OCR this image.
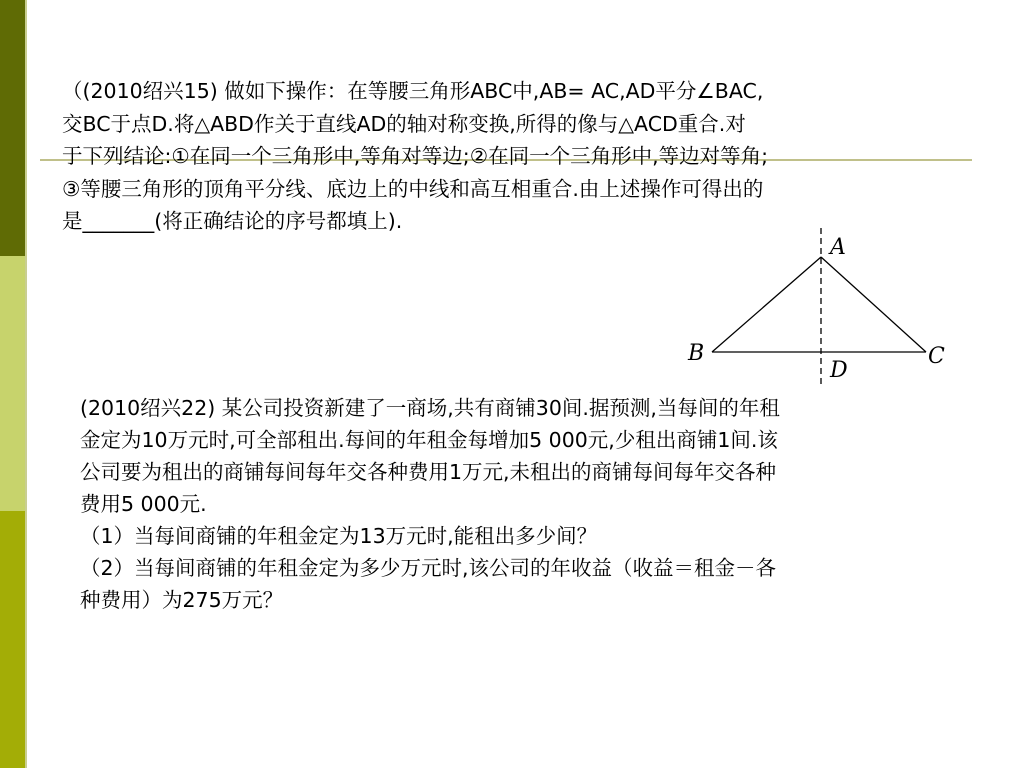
（(2010绍兴15) 做如下操作：在等腰三角形ABC中,AB= AC,AD平分∠BAC,
交BC于点D.将△ABD作关于直线AD的轴对称变换,所得的像与△ACD重合.对
于下列结论:①在同一个三角形中,等角对等边;②在同一个三角形中,等边对等角;
③等腰三角形的顶角平分线、底边上的中线和高互相重合.由上述操作可得出的
是_______(将正确结论的序号都填上).
A
B	C
D
(2010绍兴22) 某公司投资新建了一商场,共有商铺30间.据预测,当每间的年租
金定为10万元时,可全部租出.每间的年租金每增加5 000元,少租出商铺1间.该
公司要为租出的商铺每间每年交各种费用1万元,未租出的商铺每间每年交各种
费用5 000元.
（1）当每间商铺的年租金定为13万元时,能租出多少间？
（2）当每间商铺的年租金定为多少万元时,该公司的年收益（收益＝租金－各
种费用）为275万元？
